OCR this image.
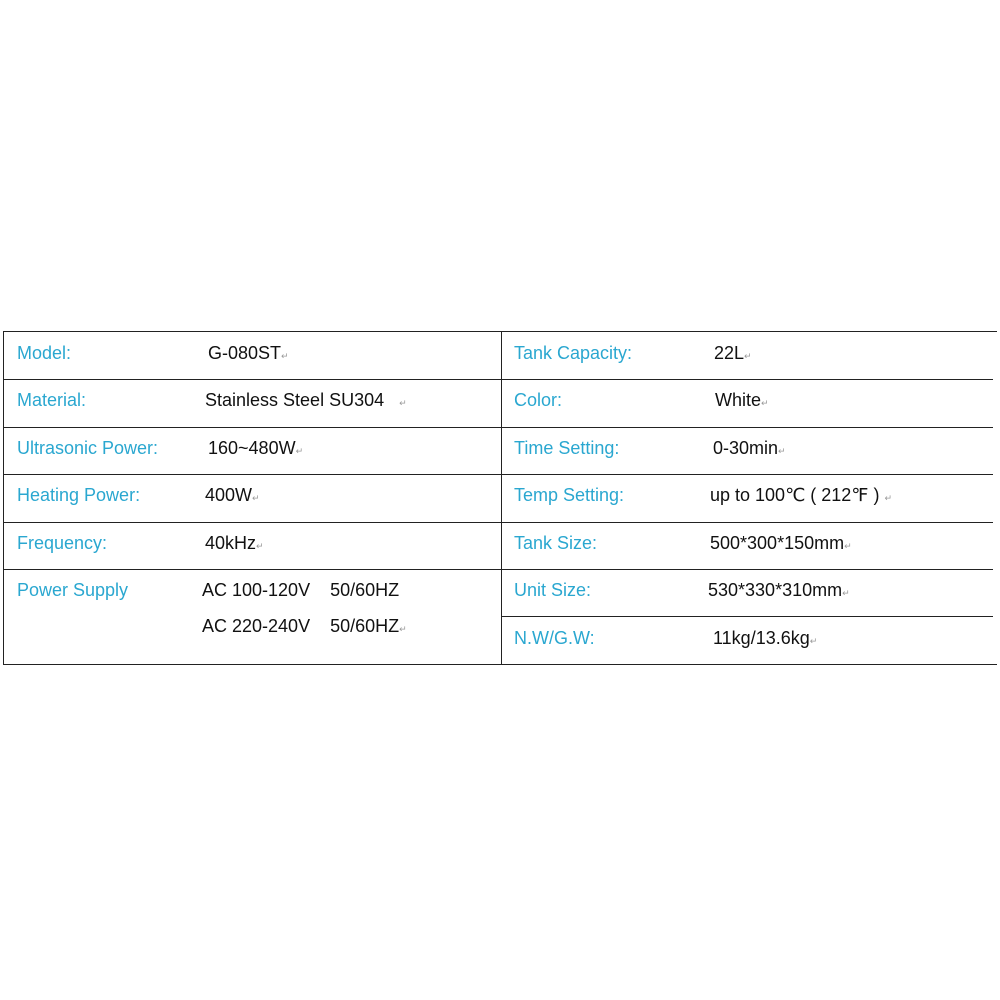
Model:	G-080ST↵
Material:	Stainless Steel SU304 ↵
Ultrasonic Power:	160~480W↵
Heating Power:	400W↵
Frequency:	40kHz↵
Power Supply	AC 100-120V    50/60HZ
AC 220-240V    50/60HZ↵
Tank Capacity:	22L↵
Color:	White↵
Time Setting:	0-30min↵
Temp Setting:	up to 100℃ ( 212℉ ) ↵
Tank Size:	500*300*150mm↵
Unit Size:	530*330*310mm↵
N.W/G.W:	11kg/13.6kg↵
